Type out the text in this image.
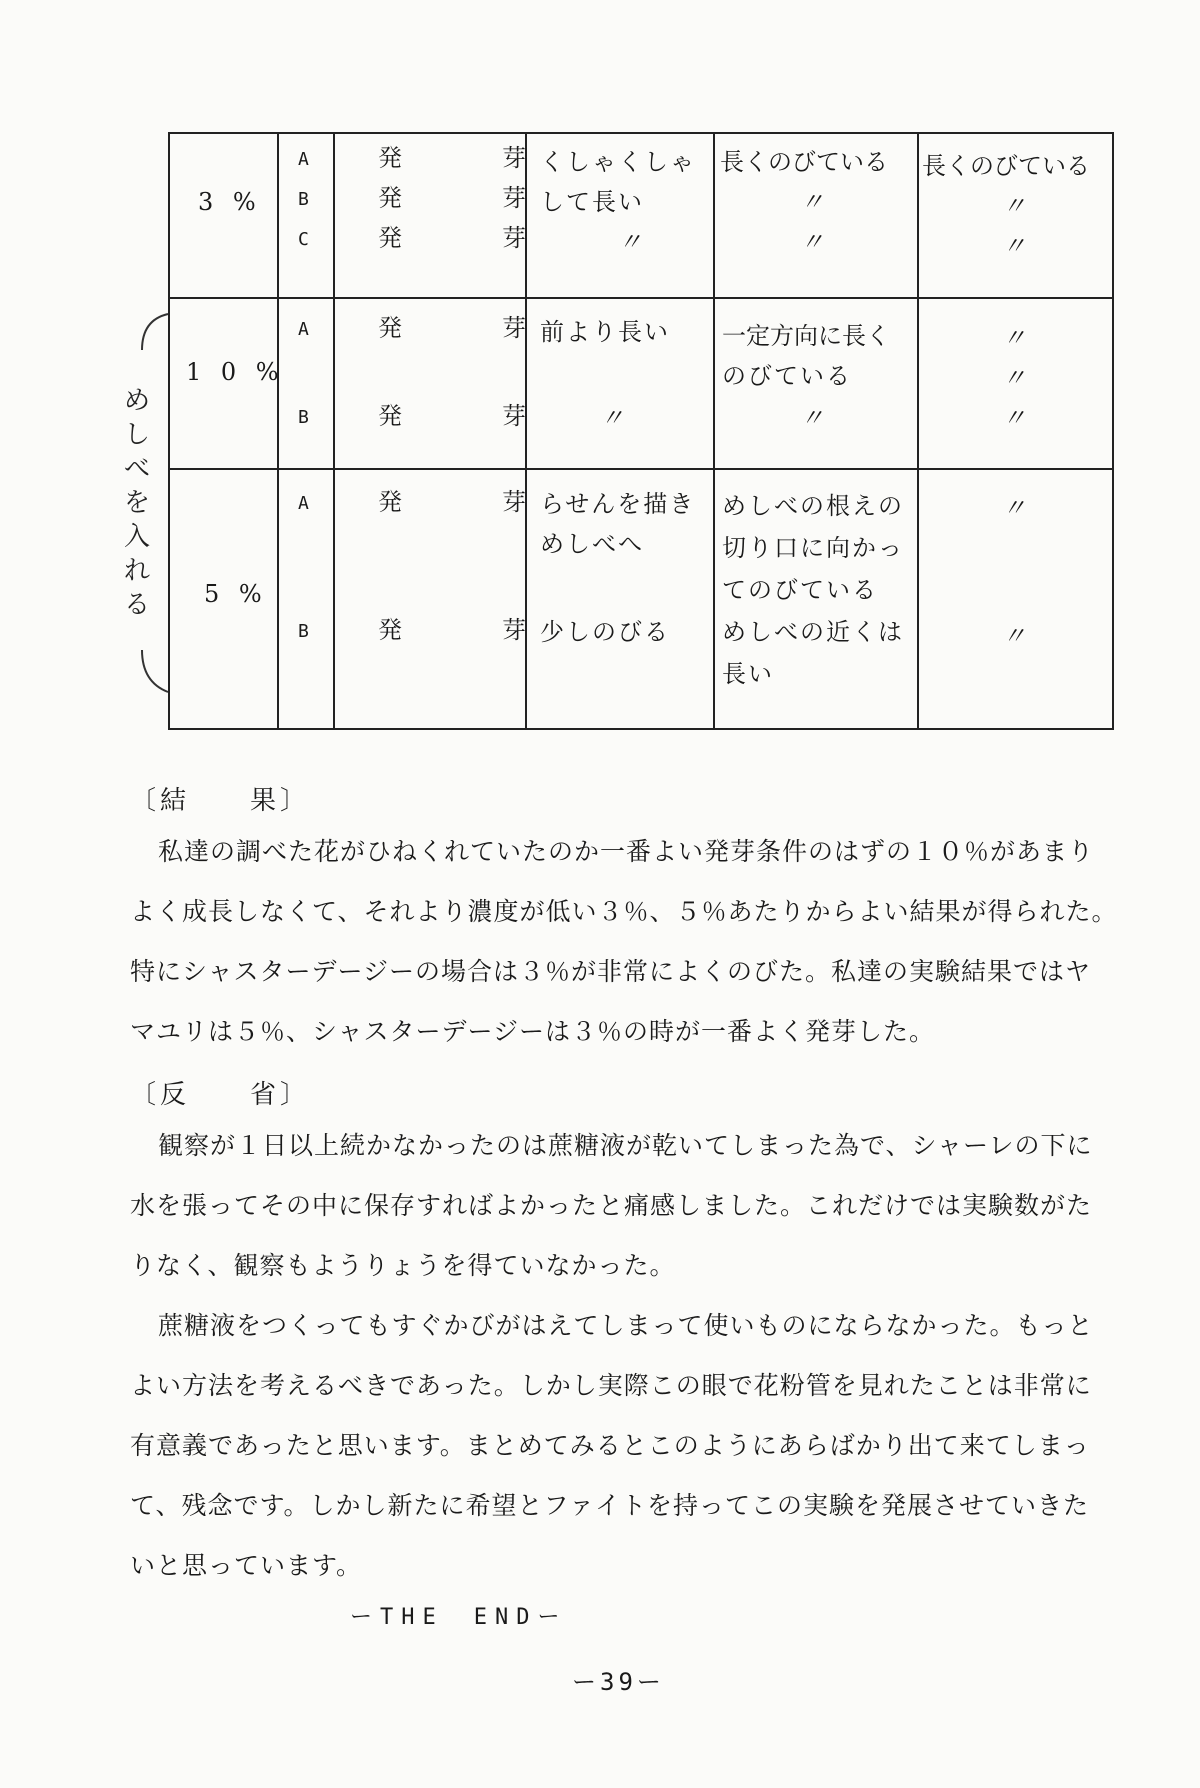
め
し
べ
を
入
れ
る
3 %
A
B
C
発　芽
発　芽
発　芽
くしゃくしゃ
して長い
〃
長くのびている
〃
〃
長くのびている
〃
〃
1 0 %
A
B
発　芽
発　芽
前より長い
〃
一定方向に長く
のびている
〃
〃
〃
〃
5 %
A
B
発　芽
発　芽
らせんを描き
めしべへ
少しのびる
めしべの根えの
切り口に向かっ
てのびている
めしべの近くは
長い
〃
〃
〔結　　果〕
私達の調べた花がひねくれていたのか一番よい発芽条件のはずの１０％があまり
よく成長しなくて、それより濃度が低い３％、５％あたりからよい結果が得られた。
特にシャスターデージーの場合は３％が非常によくのびた。私達の実験結果ではヤ
マユリは５％、シャスターデージーは３％の時が一番よく発芽した。
〔反　　省〕
観察が１日以上続かなかったのは蔗糖液が乾いてしまった為で、シャーレの下に
水を張ってその中に保存すればよかったと痛感しました。これだけでは実験数がた
りなく、観察もようりょうを得ていなかった。
蔗糖液をつくってもすぐかびがはえてしまって使いものにならなかった。もっと
よい方法を考えるべきであった。しかし実際この眼で花粉管を見れたことは非常に
有意義であったと思います。まとめてみるとこのようにあらばかり出て来てしまっ
て、残念です。しかし新たに希望とファイトを持ってこの実験を発展させていきた
いと思っています。
ーTHE　ENDー
ー39ー
